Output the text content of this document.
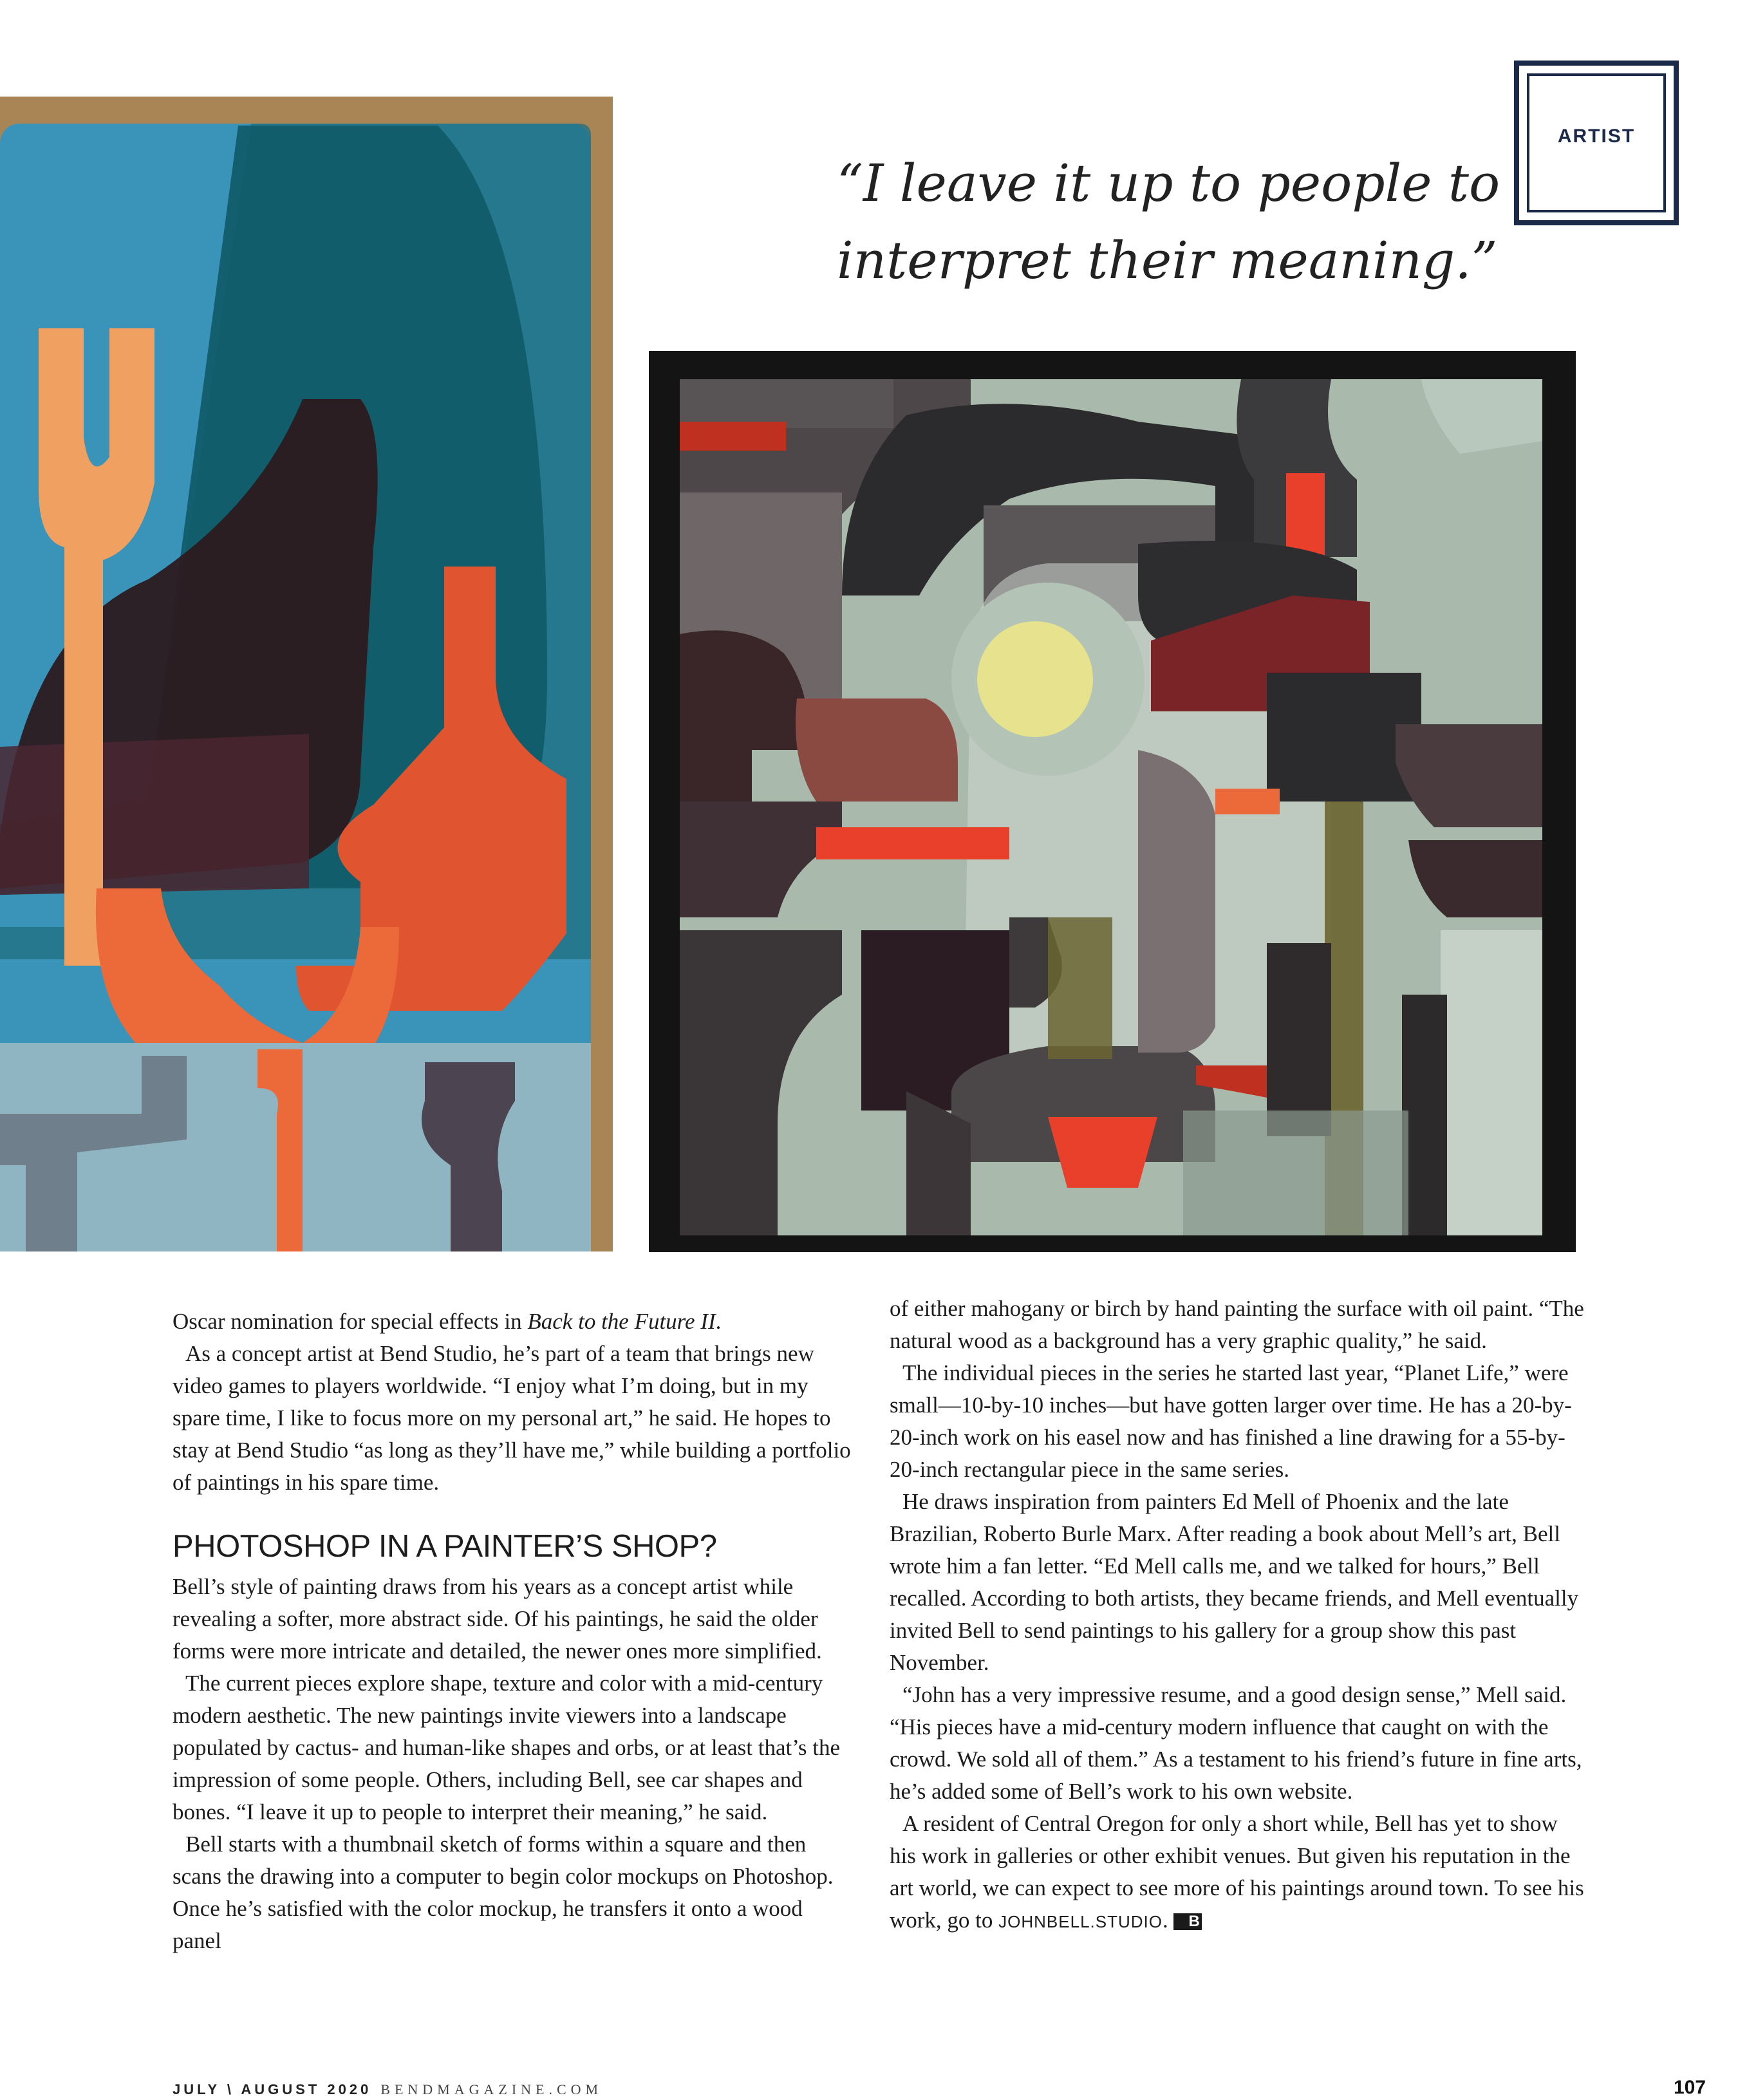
ARTIST
“I leave it up to people to
interpret their meaning.”

Oscar nomination for special effects in Back to the Future II.

As a concept artist at Bend Studio, he’s part of a team that brings new video games to players worldwide. “I enjoy what I’m doing, but in my spare time, I like to focus more on my personal art,” he said. He hopes to stay at Bend Studio “as long as they’ll have me,” while building a portfolio of paintings in his spare time.

PHOTOSHOP IN A PAINTER’S SHOP?

Bell’s style of painting draws from his years as a concept artist while revealing a softer, more abstract side. Of his paintings, he said the older forms were more intricate and detailed, the newer ones more simplified.

The current pieces explore shape, texture and color with a mid-century modern aesthetic. The new paintings invite viewers into a landscape populated by cactus- and human-like shapes and orbs, or at least that’s the impression of some people. Others, including Bell, see car shapes and bones. “I leave it up to people to interpret their meaning,” he said.

Bell starts with a thumbnail sketch of forms within a square and then scans the drawing into a computer to begin color mockups on Photoshop. Once he’s satisfied with the color mockup, he transfers it onto a wood panel

of either mahogany or birch by hand painting the surface with oil paint. “The natural wood as a background has a very graphic quality,” he said.

The individual pieces in the series he started last year, “Planet Life,” were small—10-by-10 inches—but have gotten larger over time. He has a 20-by-20-inch work on his easel now and has finished a line drawing for a 55-by-20-inch rectangular piece in the same series.

He draws inspiration from painters Ed Mell of Phoenix and the late Brazilian, Roberto Burle Marx. After reading a book about Mell’s art, Bell wrote him a fan letter. “Ed Mell calls me, and we talked for hours,” Bell recalled. According to both artists, they became friends, and Mell eventually invited Bell to send paintings to his gallery for a group show this past November.

“John has a very impressive resume, and a good design sense,” Mell said. “His pieces have a mid-century modern influence that caught on with the crowd. We sold all of them.” As a testament to his friend’s future in fine arts, he’s added some of Bell’s work to his own website.

A resident of Central Oregon for only a short while, Bell has yet to show his work in galleries or other exhibit venues. But given his reputation in the art world, we can expect to see more of his paintings around town. To see his work, go to JOHNBELL.STUDIO. B

JULY \ AUGUST 2020 BENDMAGAZINE.COM	107
